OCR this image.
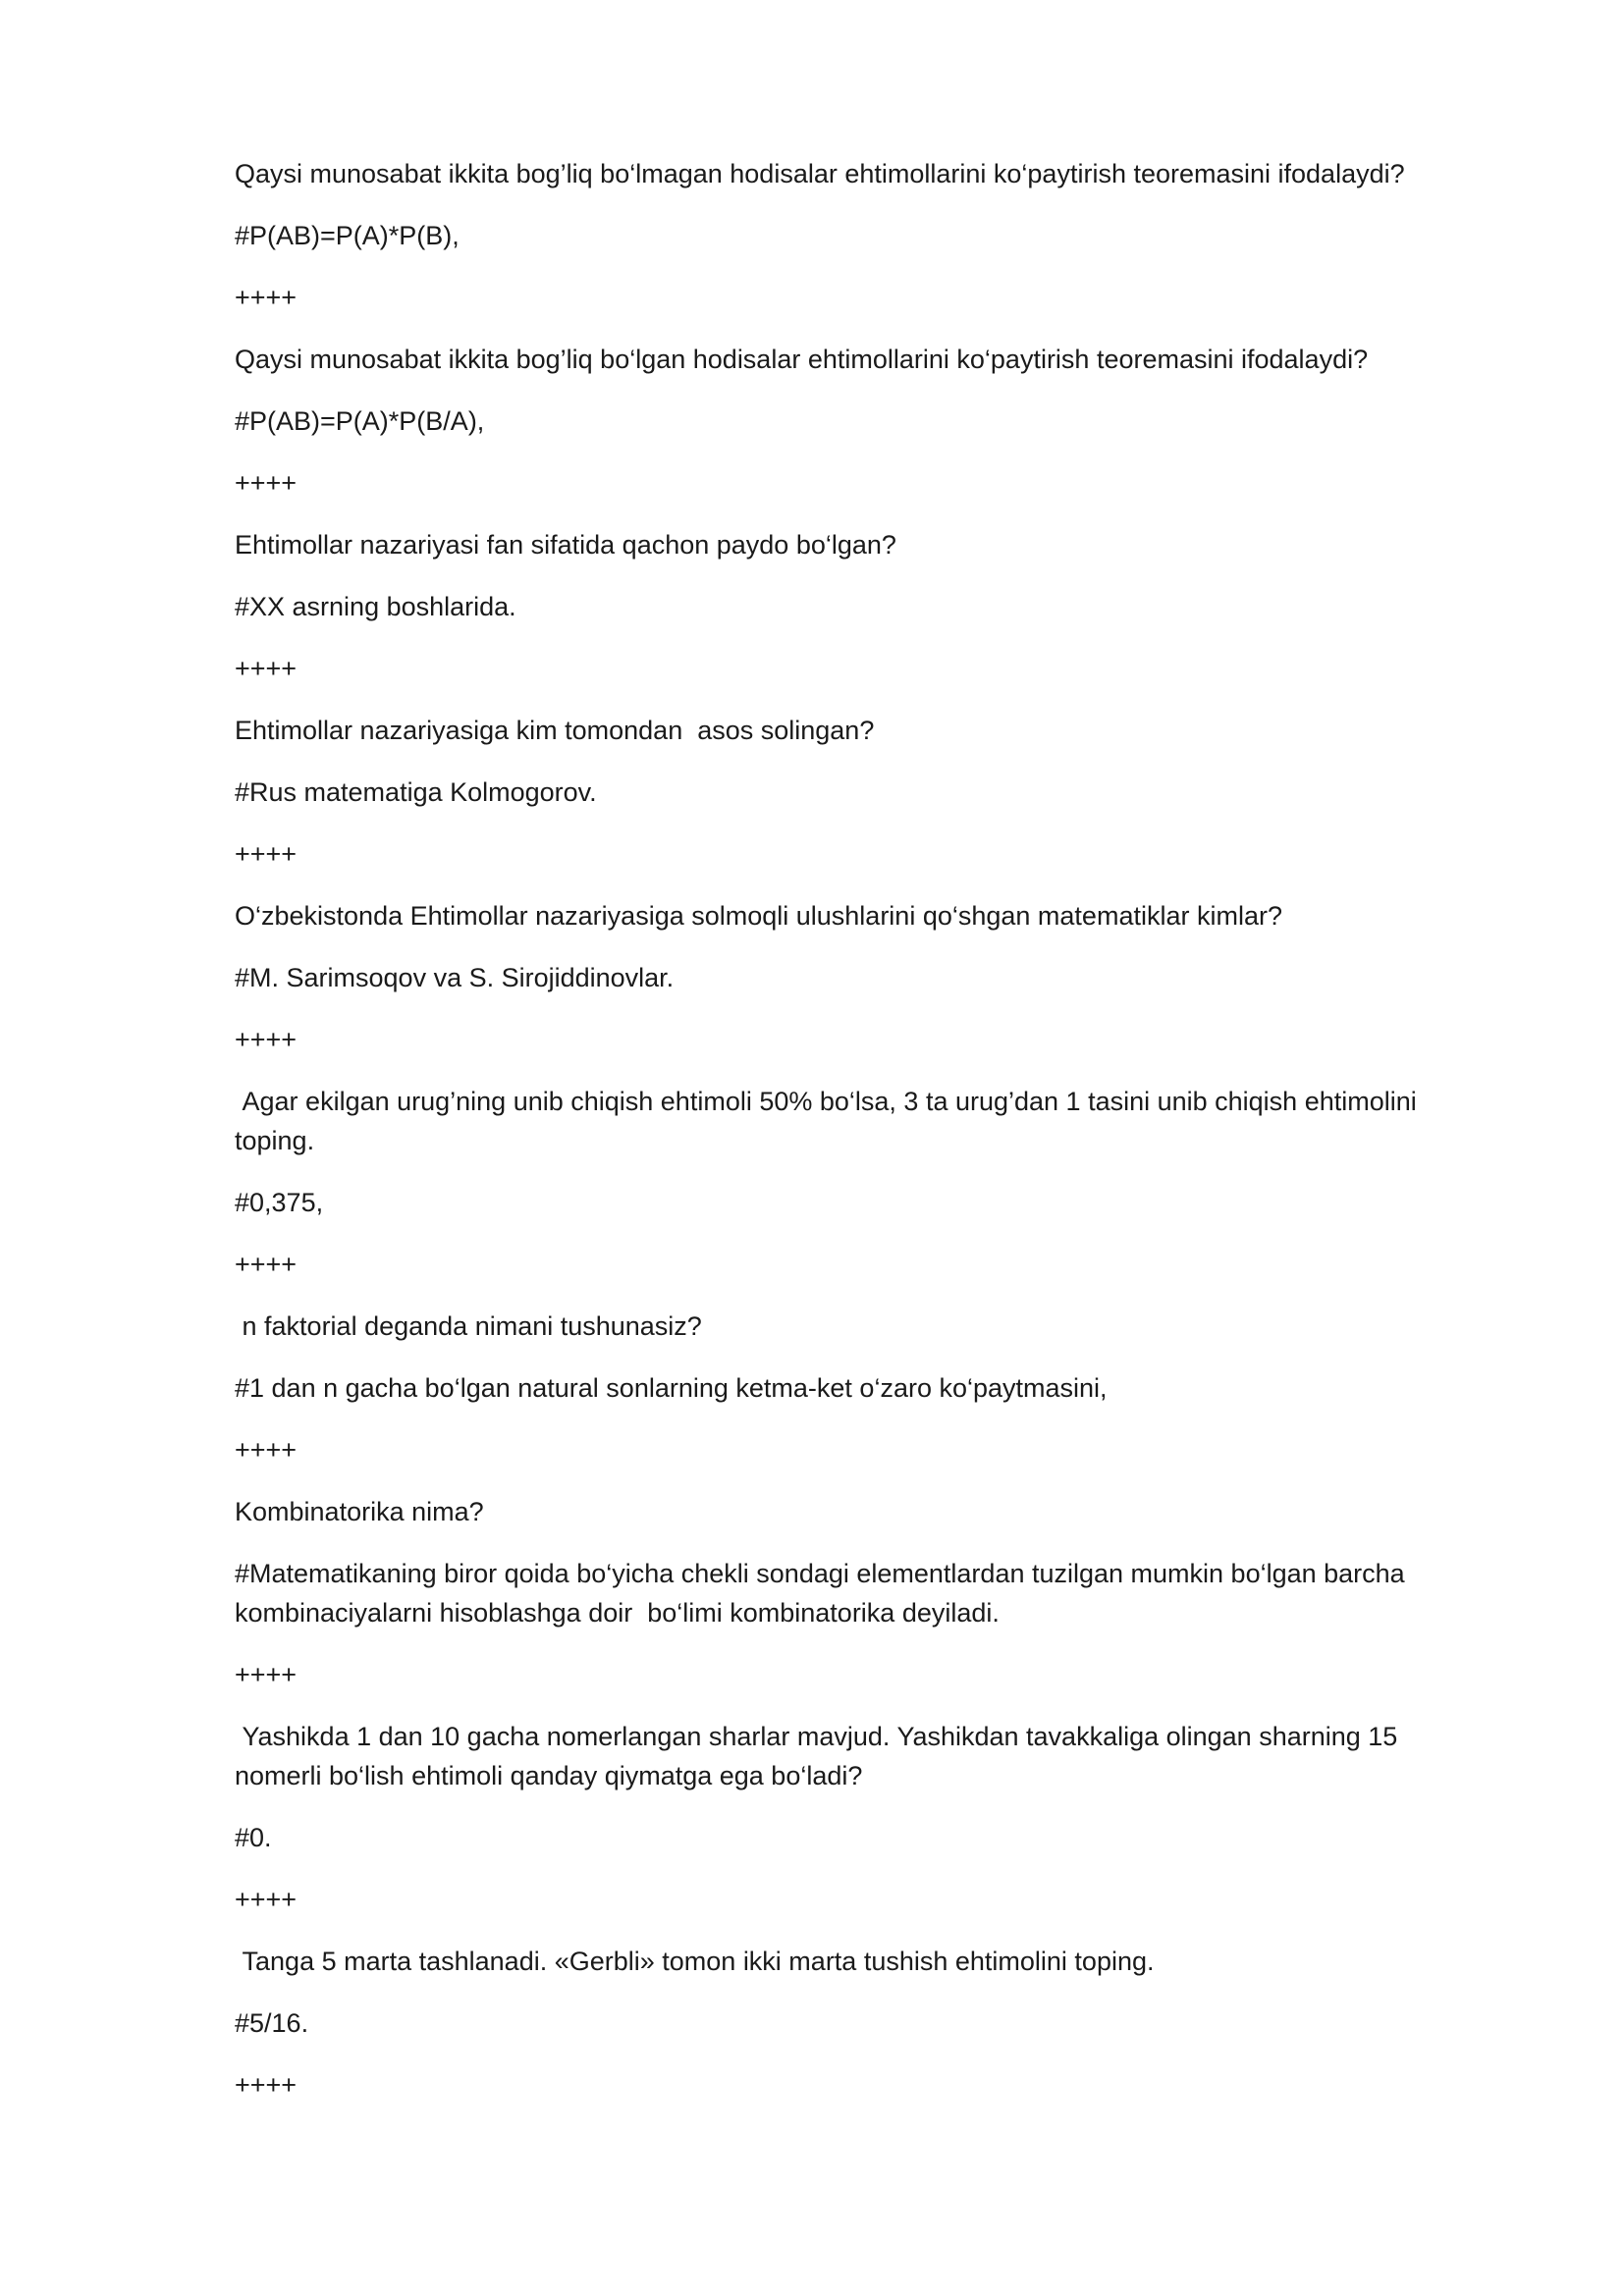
Qaysi munosabat ikkita bog’liq bo‘lmagan hodisalar ehtimollarini ko‘paytirish teoremasini ifodalaydi?

#P(AB)=P(A)*P(B),

++++

Qaysi munosabat ikkita bog’liq bo‘lgan hodisalar ehtimollarini ko‘paytirish teoremasini ifodalaydi?

#P(AB)=P(A)*P(B/A),

++++

Ehtimollar nazariyasi fan sifatida qachon paydo bo‘lgan?

#XX asrning boshlarida.

++++

Ehtimollar nazariyasiga kim tomondan  asos solingan?

#Rus matematiga Kolmogorov.

++++

O‘zbekistonda Ehtimollar nazariyasiga solmoqli ulushlarini qo‘shgan matematiklar kimlar?

#M. Sarimsoqov va S. Sirojiddinovlar.

++++

Agar ekilgan urug’ning unib chiqish ehtimoli 50% bo‘lsa, 3 ta urug’dan 1 tasini unib chiqish ehtimolini toping.

#0,375,

++++

n faktorial deganda nimani tushunasiz?

#1 dan n gacha bo‘lgan natural sonlarning ketma-ket o‘zaro ko‘paytmasini,

++++

Kombinatorika nima?

#Matematikaning biror qoida bo‘yicha chekli sondagi elementlardan tuzilgan mumkin bo‘lgan barcha kombinaciyalarni hisoblashga doir  bo‘limi kombinatorika deyiladi.

++++

Yashikda 1 dan 10 gacha nomerlangan sharlar mavjud. Yashikdan tavakkaliga olingan sharning 15 nomerli bo‘lish ehtimoli qanday qiymatga ega bo‘ladi?

#0.

++++

Tanga 5 marta tashlanadi. «Gerbli» tomon ikki marta tushish ehtimolini toping.

#5/16.

++++
